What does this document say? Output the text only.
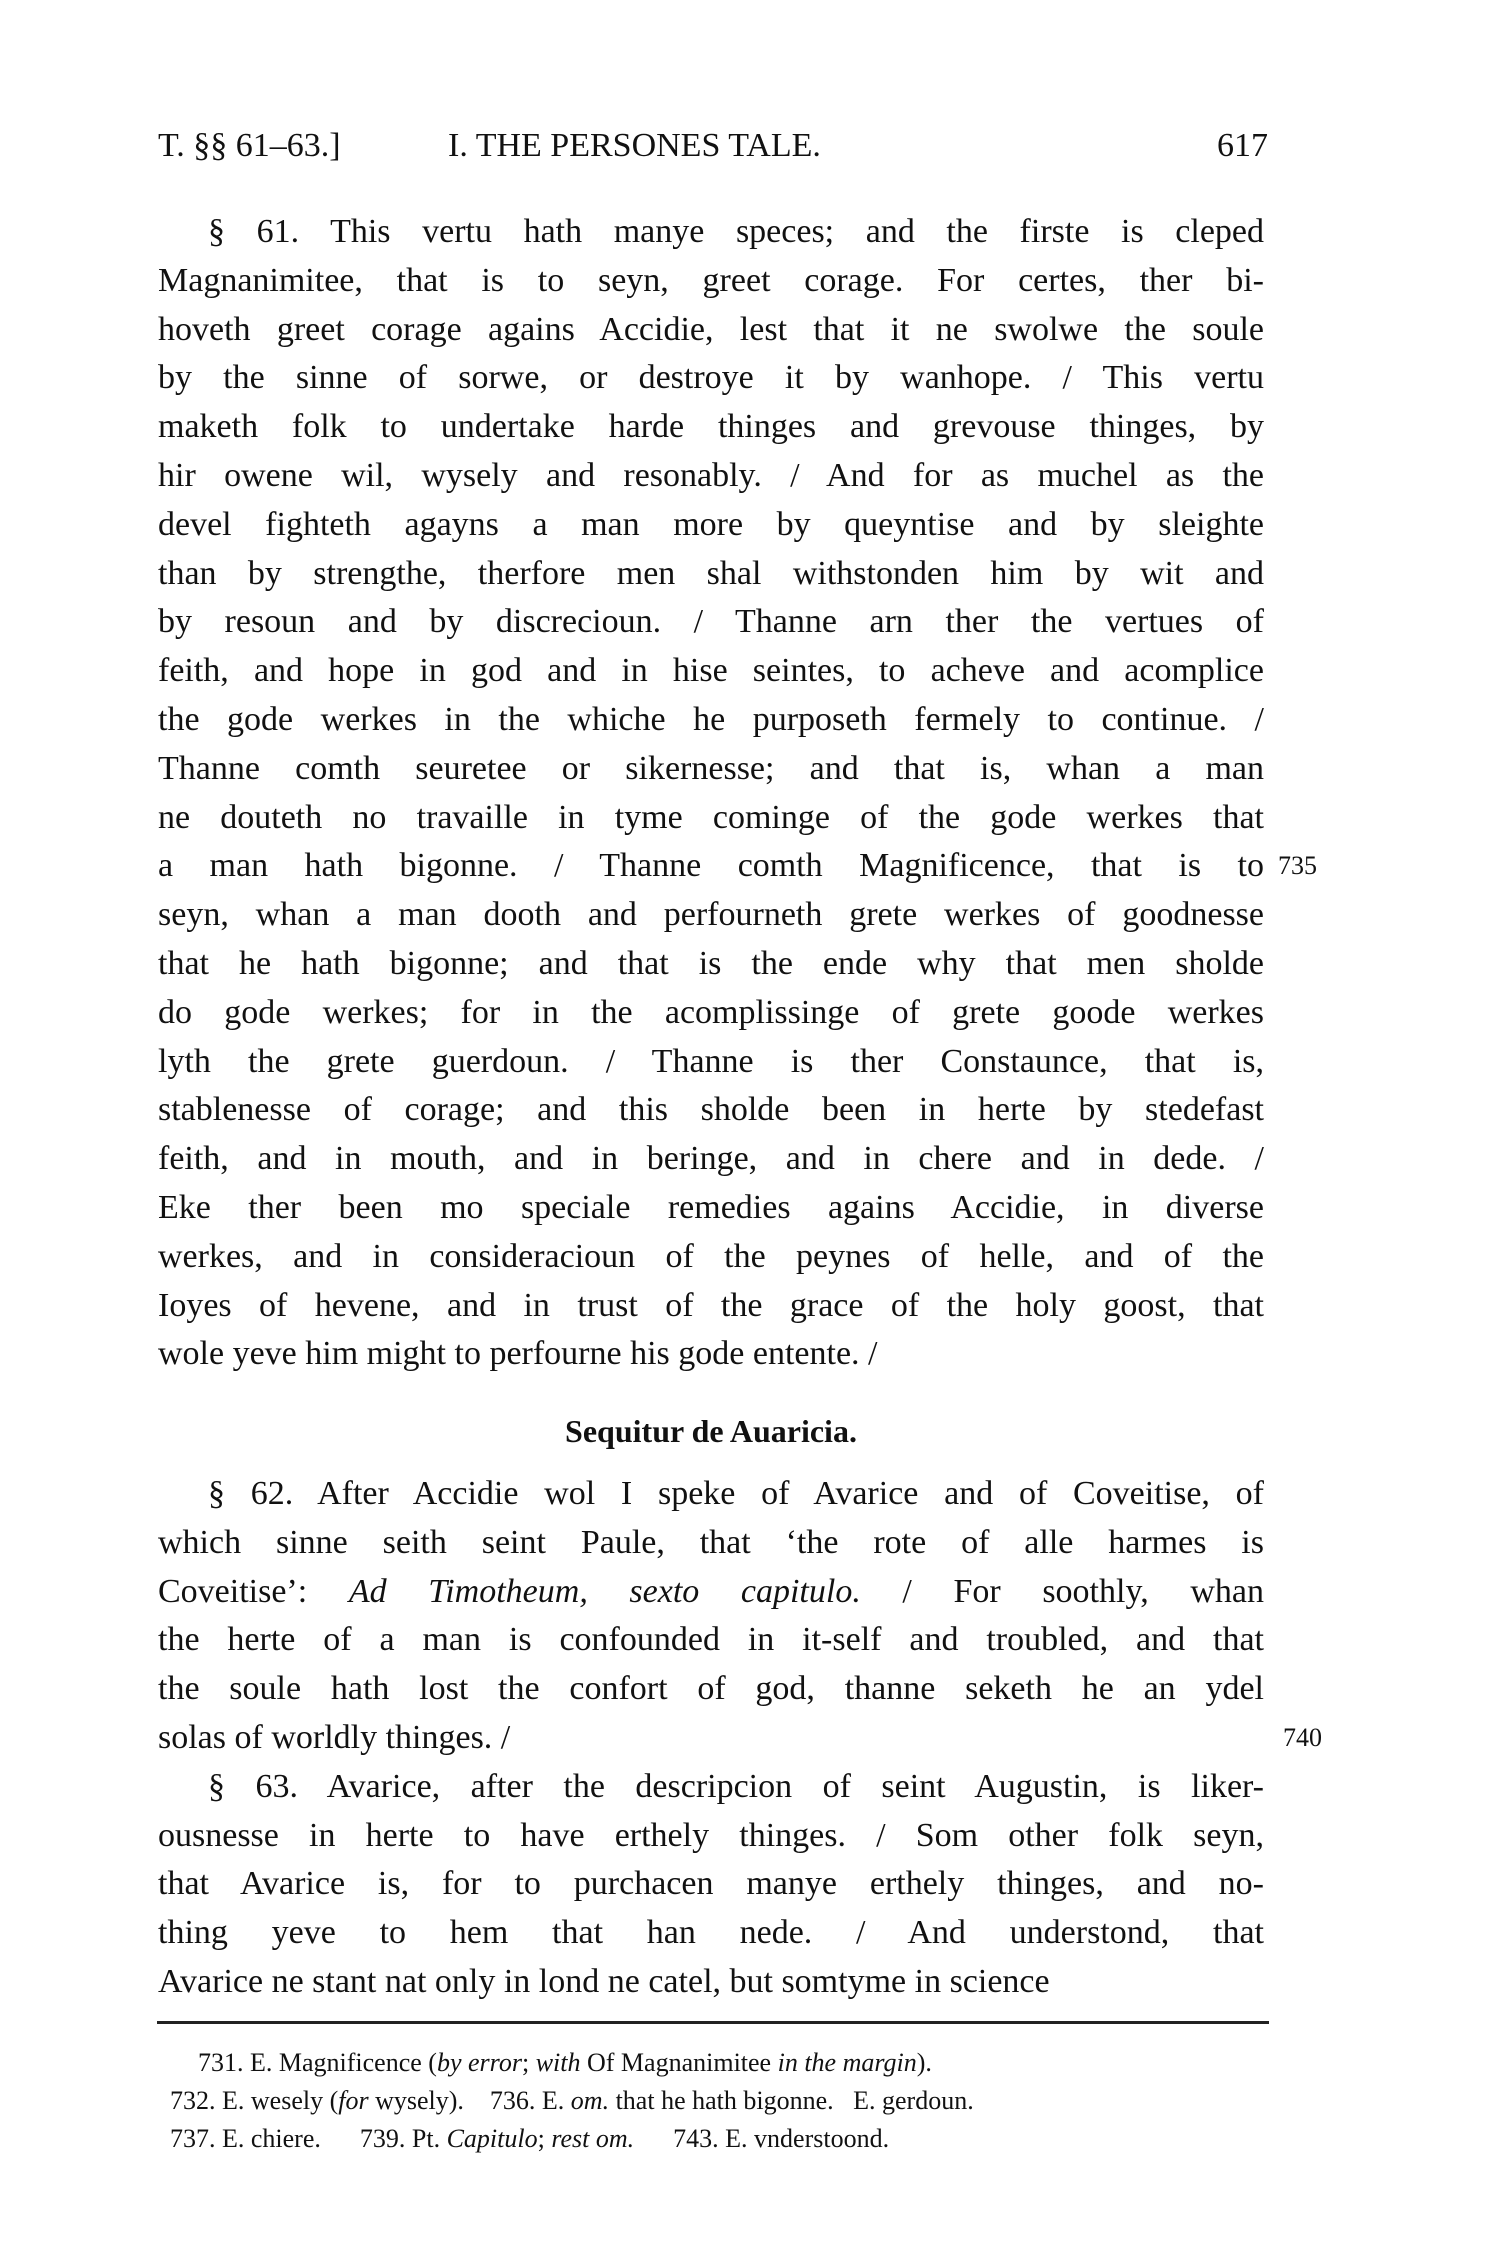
T. §§ 61–63.]	I. THE PERSONES TALE.	617
§ 61. This vertu hath manye speces; and the firste is cleped
Magnanimitee, that is to seyn, greet corage. For certes, ther bi-
hoveth greet corage agains Accidie, lest that it ne swolwe the soule
by the sinne of sorwe, or destroye it by wanhope. / This vertu
maketh folk to undertake harde thinges and grevouse thinges, by
hir owene wil, wysely and resonably. / And for as muchel as the
devel fighteth agayns a man more by queyntise and by sleighte
than by strengthe, therfore men shal withstonden him by wit and
by resoun and by discrecioun. / Thanne arn ther the vertues of
feith, and hope in god and in hise seintes, to acheve and acomplice
the gode werkes in the whiche he purposeth fermely to continue. /
Thanne comth seuretee or sikernesse; and that is, whan a man
ne douteth no travaille in tyme cominge of the gode werkes that
a man hath bigonne. / Thanne comth Magnificence, that is to 735
seyn, whan a man dooth and perfourneth grete werkes of goodnesse
that he hath bigonne; and that is the ende why that men sholde
do gode werkes; for in the acomplissinge of grete goode werkes
lyth the grete guerdoun. / Thanne is ther Constaunce, that is,
stablenesse of corage; and this sholde been in herte by stedefast
feith, and in mouth, and in beringe, and in chere and in dede. /
Eke ther been mo speciale remedies agains Accidie, in diverse
werkes, and in consideracioun of the peynes of helle, and of the
Ioyes of hevene, and in trust of the grace of the holy goost, that
wole yeve him might to perfourne his gode entente. /
Sequitur de Auaricia.
§ 62. After Accidie wol I speke of Avarice and of Coveitise, of
which sinne seith seint Paule, that ‘the rote of alle harmes is
Coveitise’: Ad Timotheum, sexto capitulo. / For soothly, whan
the herte of a man is confounded in it-self and troubled, and that
the soule hath lost the confort of god, thanne seketh he an ydel
solas of worldly thinges. /	740
§ 63. Avarice, after the descripcion of seint Augustin, is liker-
ousnesse in herte to have erthely thinges. / Som other folk seyn,
that Avarice is, for to purchacen manye erthely thinges, and no-
thing yeve to hem that han nede. / And understond, that
Avarice ne stant nat only in lond ne catel, but somtyme in science
731. E. Magnificence (by error; with Of Magnanimitee in the margin).
732. E. wesely (for wysely).    736. E. om. that he hath bigonne.   E. gerdoun.
737. E. chiere.      739. Pt. Capitulo; rest om.      743. E. vnderstoond.
